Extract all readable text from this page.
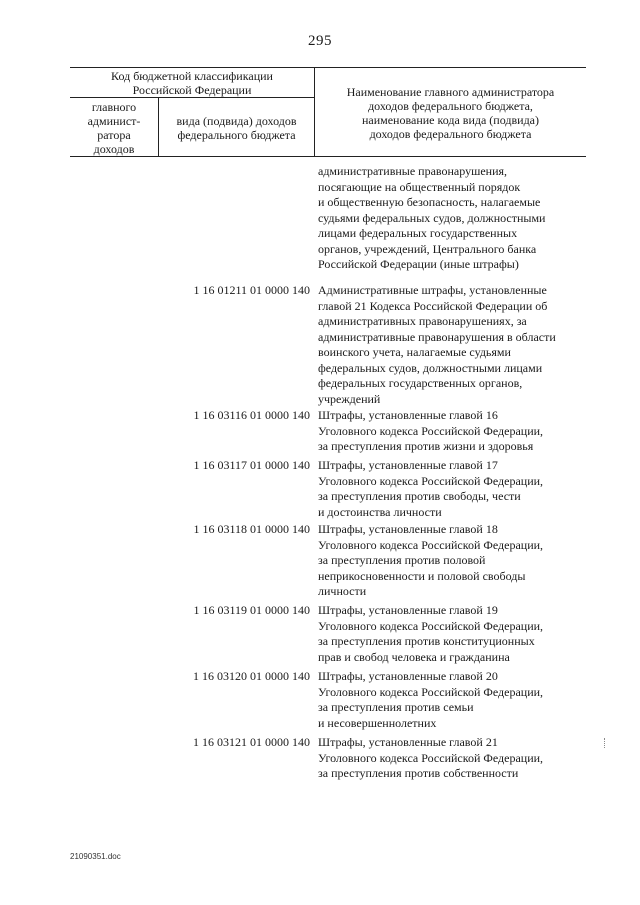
295
Код бюджетной классификации
Российской Федерации
главного
админист-
ратора
доходов
вида (подвида) доходов
федерального бюджета
Наименование главного администратора
доходов федерального бюджета,
наименование кода вида (подвида)
доходов федерального бюджета
административные правонарушения,
посягающие на общественный порядок
и общественную безопасность, налагаемые
судьями федеральных судов, должностными
лицами федеральных государственных
органов, учреждений, Центрального банка
Российской Федерации (иные штрафы)
1 16 01211 01 0000 140 Административные штрафы, установленные
главой 21 Кодекса Российской Федерации об
административных правонарушениях, за
административные правонарушения в области
воинского учета, налагаемые судьями
федеральных судов, должностными лицами
федеральных государственных органов,
учреждений
1 16 03116 01 0000 140 Штрафы, установленные главой 16
Уголовного кодекса Российской Федерации,
за преступления против жизни и здоровья
1 16 03117 01 0000 140 Штрафы, установленные главой 17
Уголовного кодекса Российской Федерации,
за преступления против свободы, чести
и достоинства личности
1 16 03118 01 0000 140 Штрафы, установленные главой 18
Уголовного кодекса Российской Федерации,
за преступления против половой
неприкосновенности и половой свободы
личности
1 16 03119 01 0000 140 Штрафы, установленные главой 19
Уголовного кодекса Российской Федерации,
за преступления против конституционных
прав и свобод человека и гражданина
1 16 03120 01 0000 140 Штрафы, установленные главой 20
Уголовного кодекса Российской Федерации,
за преступления против семьи
и несовершеннолетних
1 16 03121 01 0000 140 Штрафы, установленные главой 21
Уголовного кодекса Российской Федерации,
за преступления против собственности
21090351.doc
